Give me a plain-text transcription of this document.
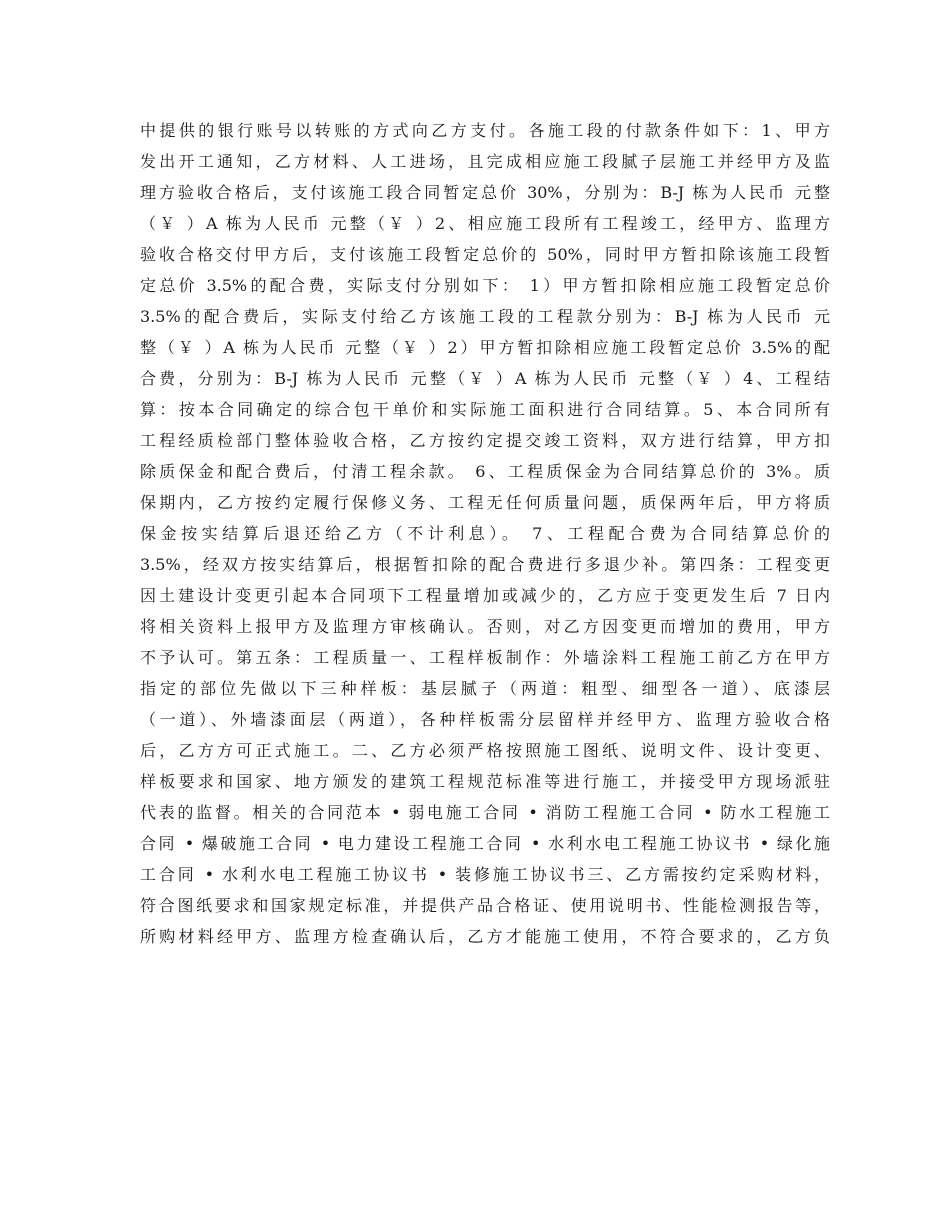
中提供的银行账号以转账的方式向乙方支付。各施工段的付款条件如下：1、甲方
发出开工通知，乙方材料、人工进场，且完成相应施工段腻子层施工并经甲方及监
理方验收合格后，支付该施工段合同暂定总价 30%，分别为：B-J 栋为人民币 元整
（￥ ）A 栋为人民币 元整（￥ ）2、相应施工段所有工程竣工，经甲方、监理方
验收合格交付甲方后，支付该施工段暂定总价的 50%，同时甲方暂扣除该施工段暂
定总价 3.5%的配合费，实际支付分别如下： 1）甲方暂扣除相应施工段暂定总价
3.5%的配合费后，实际支付给乙方该施工段的工程款分别为：B-J 栋为人民币 元
整（￥ ）A 栋为人民币 元整（￥ ）2）甲方暂扣除相应施工段暂定总价 3.5%的配
合费，分别为：B-J 栋为人民币 元整（￥ ）A 栋为人民币 元整（￥ ）4、工程结
算：按本合同确定的综合包干单价和实际施工面积进行合同结算。5、本合同所有
工程经质检部门整体验收合格，乙方按约定提交竣工资料，双方进行结算，甲方扣
除质保金和配合费后，付清工程余款。 6、工程质保金为合同结算总价的 3%。质
保期内，乙方按约定履行保修义务、工程无任何质量问题，质保两年后，甲方将质
保金按实结算后退还给乙方（不计利息）。 7、工程配合费为合同结算总价的
3.5%，经双方按实结算后，根据暂扣除的配合费进行多退少补。第四条：工程变更
因土建设计变更引起本合同项下工程量增加或减少的，乙方应于变更发生后 7 日内
将相关资料上报甲方及监理方审核确认。否则，对乙方因变更而增加的费用，甲方
不予认可。第五条：工程质量一、工程样板制作：外墙涂料工程施工前乙方在甲方
指定的部位先做以下三种样板：基层腻子（两道：粗型、细型各一道）、底漆层
（一道）、外墙漆面层（两道），各种样板需分层留样并经甲方、监理方验收合格
后，乙方方可正式施工。二、乙方必须严格按照施工图纸、说明文件、设计变更、
样板要求和国家、地方颁发的建筑工程规范标准等进行施工，并接受甲方现场派驻
代表的监督。相关的合同范本 • 弱电施工合同 • 消防工程施工合同 • 防水工程施工
合同 • 爆破施工合同 • 电力建设工程施工合同 • 水利水电工程施工协议书 • 绿化施
工合同 • 水利水电工程施工协议书 • 装修施工协议书三、乙方需按约定采购材料，
符合图纸要求和国家规定标准，并提供产品合格证、使用说明书、性能检测报告等，
所购材料经甲方、监理方检查确认后，乙方才能施工使用，不符合要求的，乙方负
